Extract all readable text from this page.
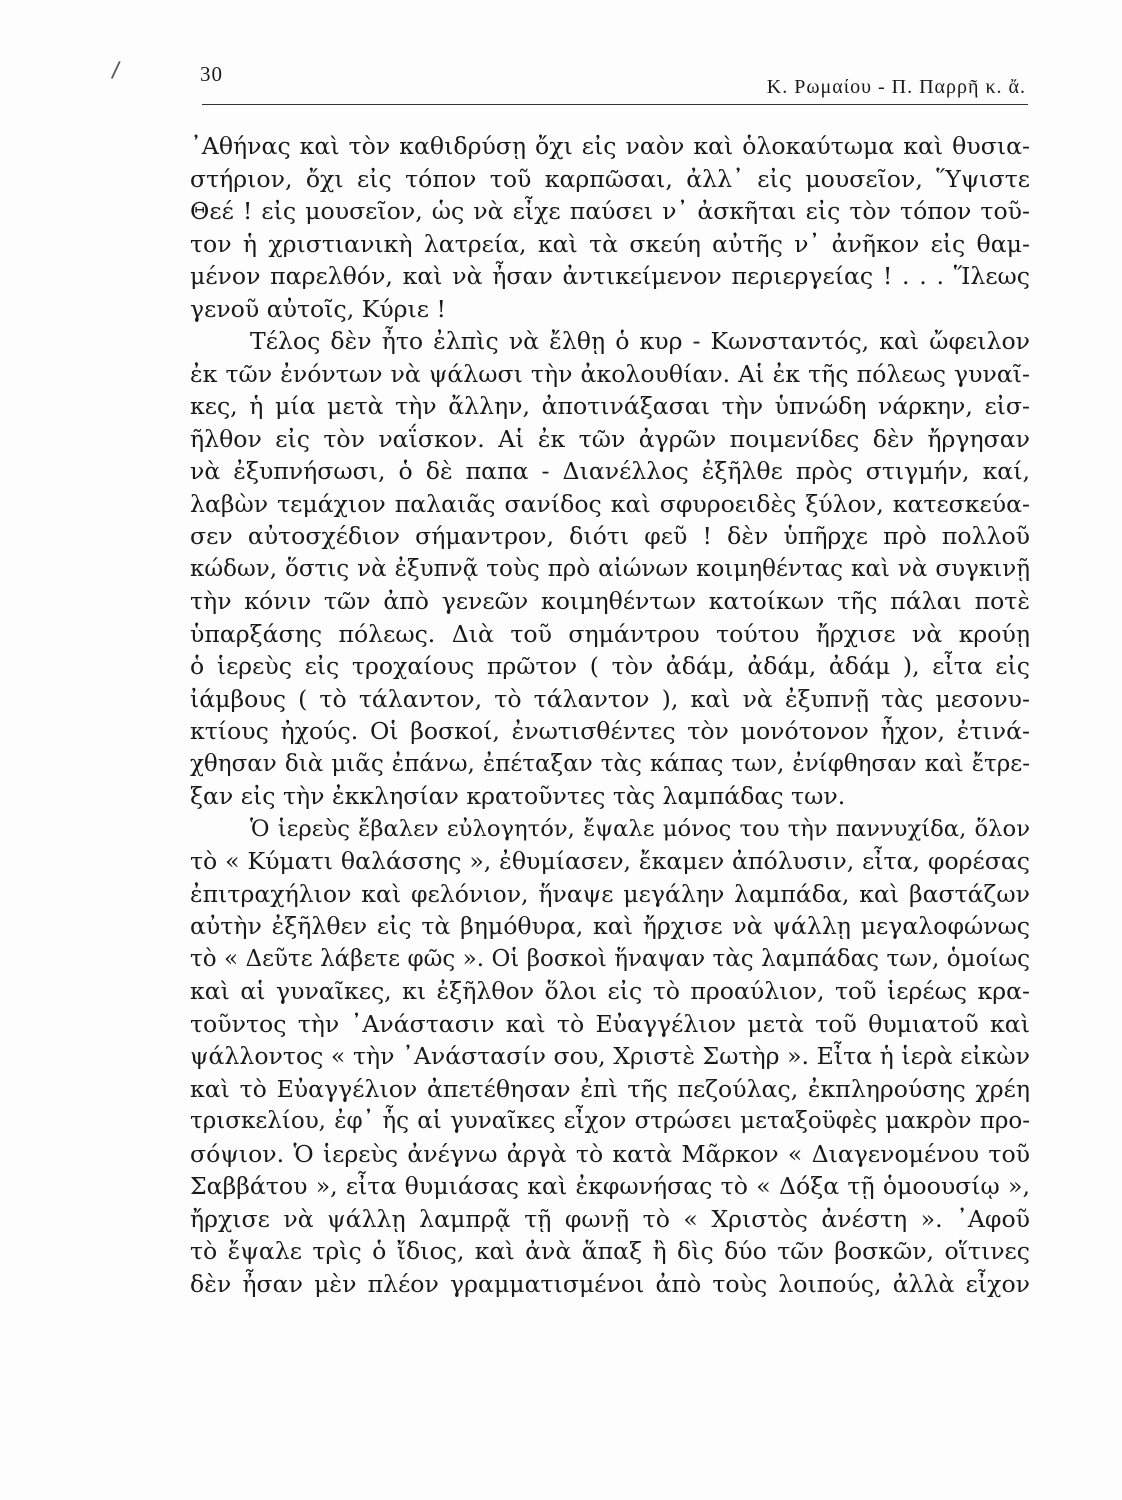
/	30
Κ. Ρωμαίου - Π. Παρρῆ κ. ἄ.
᾿Αθήνας καὶ τὸν καθιδρύσῃ ὄχι εἰς ναὸν καὶ ὁλοκαύτωμα καὶ θυσια-
στήριον, ὄχι εἰς τόπον τοῦ καρπῶσαι, ἀλλ᾽ εἰς μουσεῖον, Ὕψιστε
Θεέ ! εἰς μουσεῖον, ὡς νὰ εἶχε παύσει ν᾽ ἀσκῆται εἰς τὸν τόπον τοῦ-
τον ἡ χριστιανικὴ λατρεία, καὶ τὰ σκεύη αὐτῆς ν᾽ ἀνῆκον εἰς θαμ-
μένον παρελθόν, καὶ νὰ ἦσαν ἀντικείμενον περιεργείας ! . . . Ἵλεως
γενοῦ αὐτοῖς, Κύριε !
Τέλος δὲν ἦτο ἐλπὶς νὰ ἔλθῃ ὁ κυρ - Κωνσταντός, καὶ ὤφειλον
ἐκ τῶν ἐνόντων νὰ ψάλωσι τὴν ἀκολουθίαν. Αἱ ἐκ τῆς πόλεως γυναῖ-
κες, ἡ μία μετὰ τὴν ἄλλην, ἀποτινάξασαι τὴν ὑπνώδη νάρκην, εἰσ-
ῆλθον εἰς τὸν ναΐσκον. Αἱ ἐκ τῶν ἀγρῶν ποιμενίδες δὲν ἤργησαν
νὰ ἐξυπνήσωσι, ὁ δὲ παπα - Διανέλλος ἐξῆλθε πρὸς στιγμήν, καί,
λαβὼν τεμάχιον παλαιᾶς σανίδος καὶ σφυροειδὲς ξύλον, κατεσκεύα-
σεν αὐτοσχέδιον σήμαντρον, διότι φεῦ ! δὲν ὑπῆρχε πρὸ πολλοῦ
κώδων, ὅστις νὰ ἐξυπνᾷ τοὺς πρὸ αἰώνων κοιμηθέντας καὶ νὰ συγκινῇ
τὴν κόνιν τῶν ἀπὸ γενεῶν κοιμηθέντων κατοίκων τῆς πάλαι ποτὲ
ὑπαρξάσης πόλεως. Διὰ τοῦ σημάντρου τούτου ἤρχισε νὰ κρούῃ
ὁ ἱερεὺς εἰς τροχαίους πρῶτον ( τὸν ἀδάμ, ἀδάμ, ἀδάμ ), εἶτα εἰς
ἰάμβους ( τὸ τάλαντον, τὸ τάλαντον ), καὶ νὰ ἐξυπνῇ τὰς μεσονυ-
κτίους ἠχούς. Οἱ βοσκοί, ἐνωτισθέντες τὸν μονότονον ἦχον, ἐτινά-
χθησαν διὰ μιᾶς ἐπάνω, ἐπέταξαν τὰς κάπας των, ἐνίφθησαν καὶ ἔτρε-
ξαν εἰς τὴν ἐκκλησίαν κρατοῦντες τὰς λαμπάδας των.
Ὁ ἱερεὺς ἔβαλεν εὐλογητόν, ἔψαλε μόνος του τὴν παννυχίδα, ὅλον
τὸ « Κύματι θαλάσσης », ἐθυμίασεν, ἔκαμεν ἀπόλυσιν, εἶτα, φορέσας
ἐπιτραχήλιον καὶ φελόνιον, ἥναψε μεγάλην λαμπάδα, καὶ βαστάζων
αὐτὴν ἐξῆλθεν εἰς τὰ βημόθυρα, καὶ ἤρχισε νὰ ψάλλῃ μεγαλοφώνως
τὸ « Δεῦτε λάβετε φῶς ». Οἱ βοσκοὶ ἥναψαν τὰς λαμπάδας των, ὁμοίως
καὶ αἱ γυναῖκες, κι ἐξῆλθον ὅλοι εἰς τὸ προαύλιον, τοῦ ἱερέως κρα-
τοῦντος τὴν ᾿Ανάστασιν καὶ τὸ Εὐαγγέλιον μετὰ τοῦ θυμιατοῦ καὶ
ψάλλοντος « τὴν ᾿Ανάστασίν σου, Χριστὲ Σωτὴρ ». Εἶτα ἡ ἱερὰ εἰκὼν
καὶ τὸ Εὐαγγέλιον ἀπετέθησαν ἐπὶ τῆς πεζούλας, ἐκπληρούσης χρέη
τρισκελίου, ἐφ᾽ ἧς αἱ γυναῖκες εἶχον στρώσει μεταξοϋφὲς μακρὸν προ-
σόψιον. Ὁ ἱερεὺς ἀνέγνω ἀργὰ τὸ κατὰ Μᾶρκον « Διαγενομένου τοῦ
Σαββάτου », εἶτα θυμιάσας καὶ ἐκφωνήσας τὸ « Δόξα τῇ ὁμοουσίῳ »,
ἤρχισε νὰ ψάλλῃ λαμπρᾷ τῇ φωνῇ τὸ « Χριστὸς ἀνέστη ». ᾿Αφοῦ
τὸ ἔψαλε τρὶς ὁ ἴδιος, καὶ ἀνὰ ἅπαξ ἢ δὶς δύο τῶν βοσκῶν, οἵτινες
δὲν ἦσαν μὲν πλέον γραμματισμένοι ἀπὸ τοὺς λοιπούς, ἀλλὰ εἶχον
